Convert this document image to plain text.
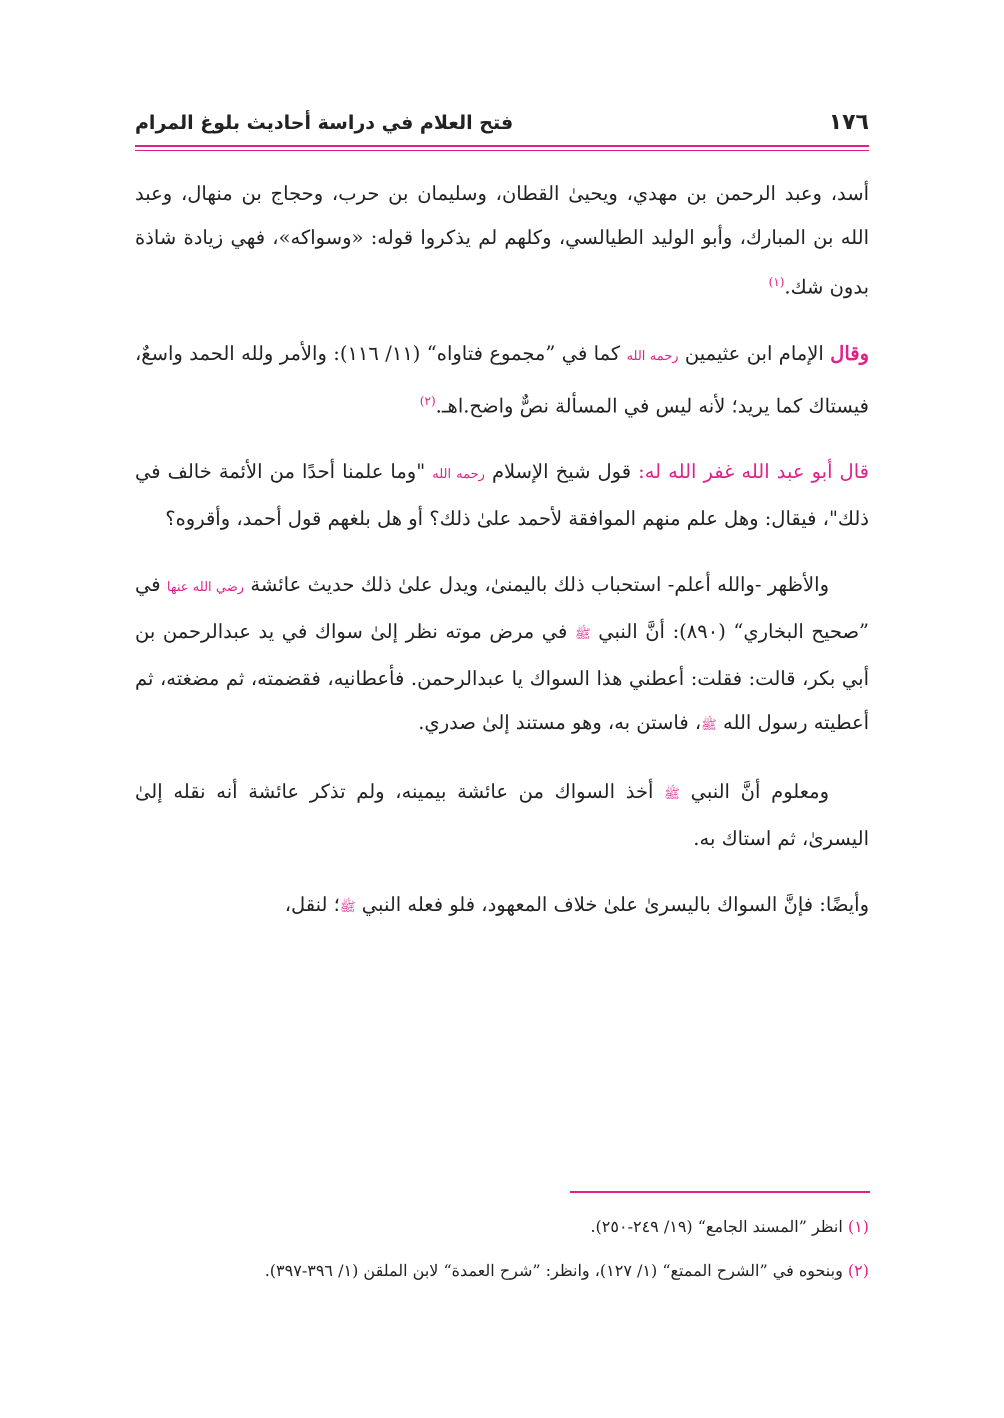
١٧٦
فتح العلام في دراسة أحاديث بلوغ المرام

أسد، وعبد الرحمن بن مهدي، ويحيىٰ القطان، وسليمان بن حرب، وحجاج بن منهال، وعبد الله بن المبارك، وأبو الوليد الطيالسي، وكلهم لم يذكروا قوله: «وسواكه»، فهي زيادة شاذة بدون شك.$^{(١)}$

وقال الإمام ابن عثيمين رحمه الله كما في ”مجموع فتاواه“ (١١/ ١١٦): والأمر ولله الحمد واسعٌ، فيستاك كما يريد؛ لأنه ليس في المسألة نصٌّ واضح.اهـ.$^{(٢)}$

قال أبو عبد الله غفر الله له: قول شيخ الإسلام رحمه الله "وما علمنا أحدًا من الأئمة خالف في ذلك"، فيقال: وهل علم منهم الموافقة لأحمد علىٰ ذلك؟ أو هل بلغهم قول أحمد، وأقروه؟

والأظهر -والله أعلم- استحباب ذلك باليمنىٰ، ويدل علىٰ ذلك حديث عائشة رضي الله عنها في ”صحيح البخاري“ (٨٩٠): أنَّ النبي ﷺ في مرض موته نظر إلىٰ سواك في يد عبدالرحمن بن أبي بكر، قالت: فقلت: أعطني هذا السواك يا عبدالرحمن. فأعطانيه، فقضمته، ثم مضغته، ثم أعطيته رسول الله ﷺ، فاستن به، وهو مستند إلىٰ صدري.

ومعلوم أنَّ النبي ﷺ أخذ السواك من عائشة بيمينه، ولم تذكر عائشة أنه نقله إلىٰ اليسرىٰ، ثم استاك به.

وأيضًا: فإنَّ السواك باليسرىٰ علىٰ خلاف المعهود، فلو فعله النبي ﷺ؛ لنقل،

(١) انظر ”المسند الجامع“ (١٩/ ٢٤٩-٢٥٠).

(٢) وبنحوه في ”الشرح الممتع“ (١/ ١٢٧)، وانظر: ”شرح العمدة“ لابن الملقن (١/ ٣٩٦-٣٩٧).
